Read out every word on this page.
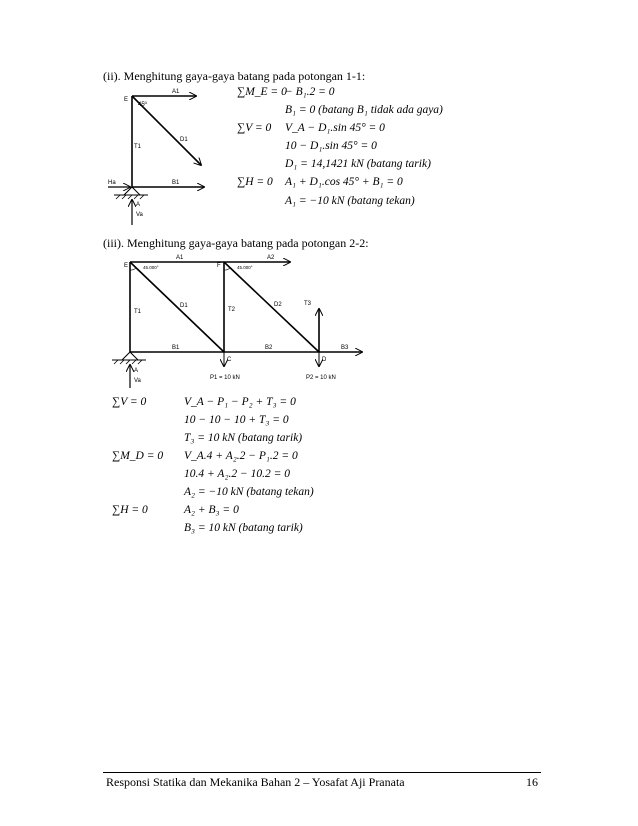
(ii). Menghitung gaya-gaya batang pada potongan 1-1:
E
45º
A1
D1
T1
Ha	B1
A
Va
∑M_E = 0
− B₁.2 = 0
B₁ = 0 (batang B₁ tidak ada gaya)
∑V = 0 V_A − D₁.sin 45° = 0
10 − D₁.sin 45° = 0
D₁ = 14,1421 kN (batang tarik)
∑H = 0 A₁ + D₁.cos 45° + B₁ = 0
A₁ = −10 kN (batang tekan)
(iii). Menghitung gaya-gaya batang pada potongan 2-2:
E	45.000°
A1
F	45.000°
A2
D1
T1	T2
D2	T3
B1
C
B2
D
B3
A
Va	P1 = 10 kN	P2 = 10 kN
∑V = 0	V_A − P₁ − P₂ + T₃ = 0
10 − 10 − 10 + T₃ = 0
T₃ = 10 kN (batang tarik)
∑M_D = 0 V_A.4 + A₂.2 − P₁.2 = 0
10.4 + A₂.2 − 10.2 = 0
A₂ = −10 kN (batang tekan)
∑H = 0	A₂ + B₃ = 0
B₃ = 10 kN (batang tarik)
Responsi Statika dan Mekanika Bahan 2 – Yosafat Aji Pranata	16
